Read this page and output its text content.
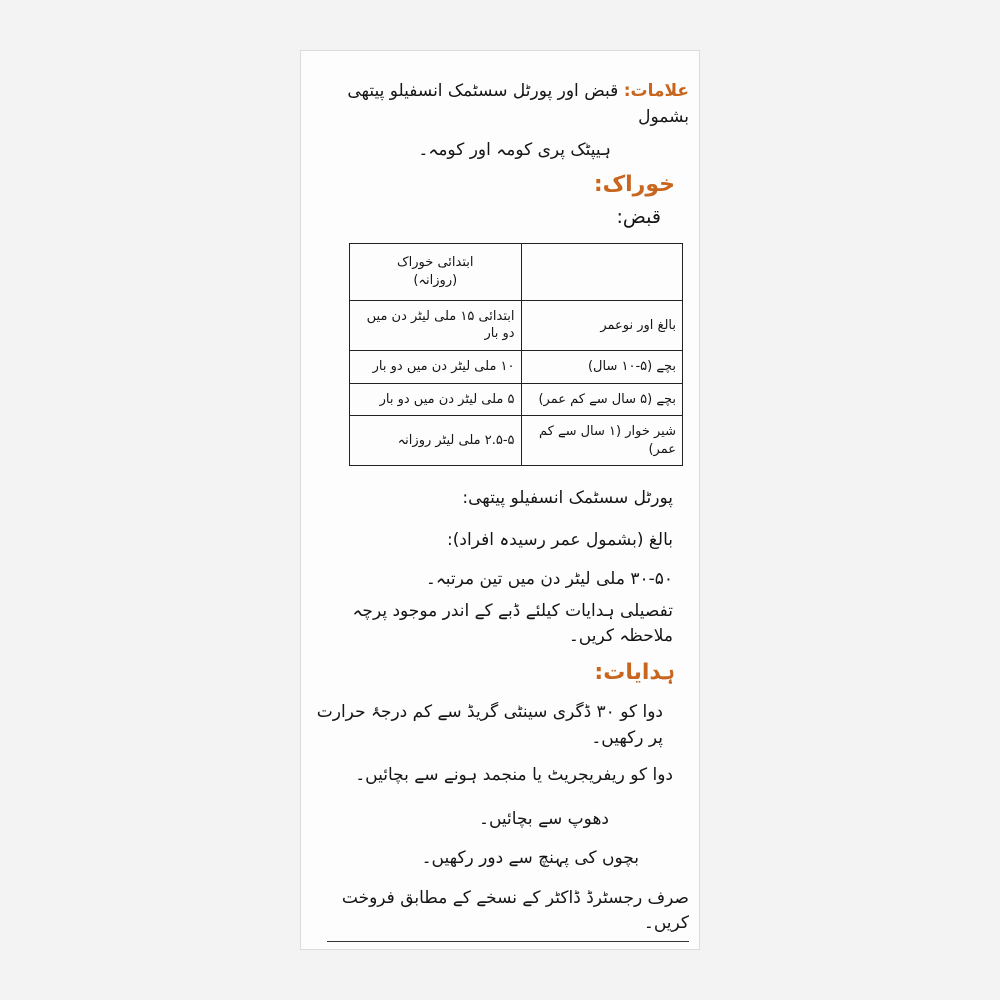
علامات: قبض اور پورٹل سسٹمک انسفیلو پیتھی بشمول

ہیپٹک پری کومہ اور کومہ۔

خوراک:

قبض:

	ابتدائی خوراک
(روزانہ)

بالغ اور نوعمر	ابتدائی ۱۵ ملی لیٹر دن میں دو بار
بچے (۵-۱۰ سال)	۱۰ ملی لیٹر دن میں دو بار
بچے (۵ سال سے کم عمر)	۵ ملی لیٹر دن میں دو بار
شیر خوار (۱ سال سے کم عمر)	۲.۵-۵ ملی لیٹر روزانہ

پورٹل سسٹمک انسفیلو پیتھی:

بالغ (بشمول عمر رسیدہ افراد):

۳۰-۵۰ ملی لیٹر دن میں تین مرتبہ۔

تفصیلی ہدایات کیلئے ڈبے کے اندر موجود پرچہ ملاحظہ کریں۔

ہدایات:

دوا کو ۳۰ ڈگری سینٹی گریڈ سے کم درجۂ حرارت پر رکھیں۔

دوا کو ریفریجریٹ یا منجمد ہونے سے بچائیں۔

دھوپ سے بچائیں۔

بچوں کی پہنچ سے دور رکھیں۔

صرف رجسٹرڈ ڈاکٹر کے نسخے کے مطابق فروخت کریں۔
